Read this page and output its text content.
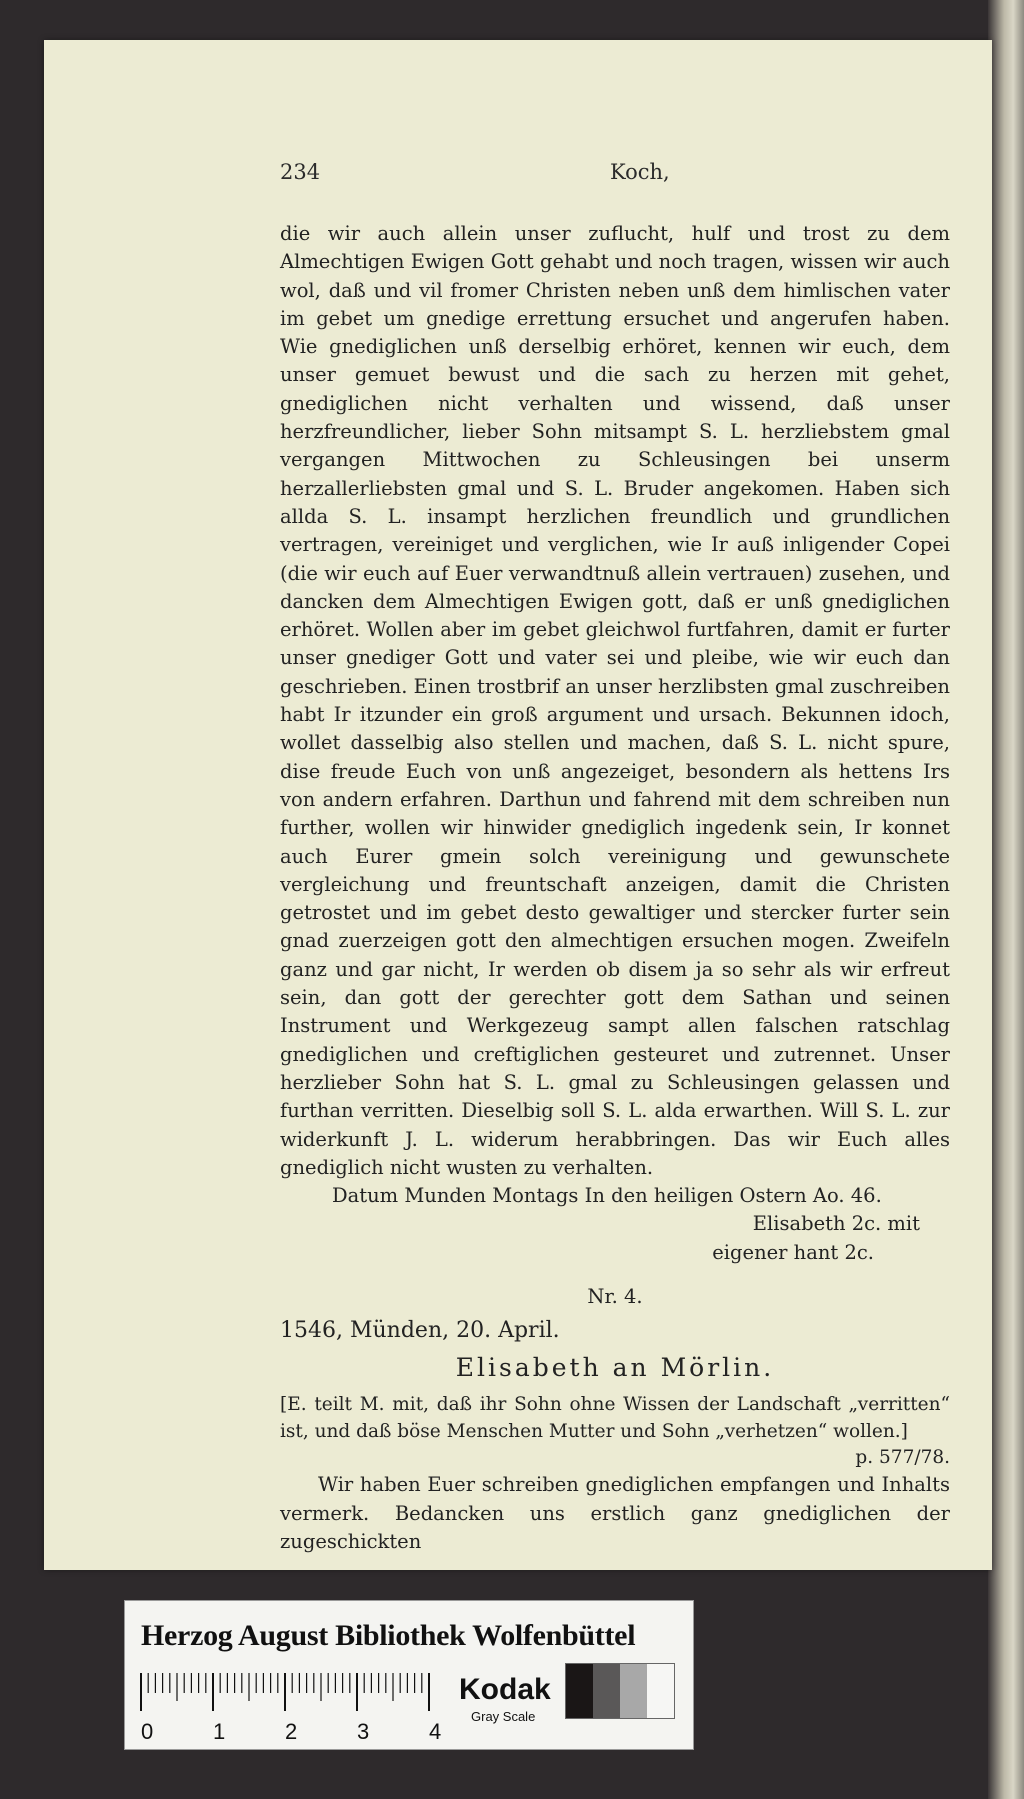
234	Koch,

die wir auch allein unser zuflucht, hulf und trost zu dem Almechtigen Ewigen Gott gehabt und noch tragen, wissen wir auch wol, daß und vil fromer Christen neben unß dem himlischen vater im gebet um gnedige errettung ersuchet und angerufen haben. Wie gnediglichen unß derselbig erhöret, kennen wir euch, dem unser gemuet bewust und die sach zu herzen mit gehet, gnediglichen nicht verhalten und wissend, daß unser herzfreundlicher, lieber Sohn mitsampt S. L. herzliebstem gmal vergangen Mittwochen zu Schleusingen bei unserm herzallerliebsten gmal und S. L. Bruder angekomen. Haben sich allda S. L. insampt herzlichen freundlich und grundlichen vertragen, vereiniget und verglichen, wie Ir auß inligender Copei (die wir euch auf Euer verwandtnuß allein vertrauen) zusehen, und dancken dem Almechtigen Ewigen gott, daß er unß gnediglichen erhöret. Wollen aber im gebet gleichwol furtfahren, damit er furter unser gnediger Gott und vater sei und pleibe, wie wir euch dan geschrieben. Einen trostbrif an unser herzlibsten gmal zuschreiben habt Ir itzunder ein groß argument und ursach. Bekunnen idoch, wollet dasselbig also stellen und machen, daß S. L. nicht spure, dise freude Euch von unß angezeiget, besondern als hettens Irs von andern erfahren. Darthun und fahrend mit dem schreiben nun further, wollen wir hinwider gnediglich ingedenk sein, Ir konnet auch Eurer gmein solch vereinigung und gewunschete vergleichung und freuntschaft anzeigen, damit die Christen getrostet und im gebet desto gewaltiger und stercker furter sein gnad zuerzeigen gott den almechtigen ersuchen mogen. Zweifeln ganz und gar nicht, Ir werden ob disem ja so sehr als wir erfreut sein, dan gott der gerechter gott dem Sathan und seinen Instrument und Werkgezeug sampt allen falschen ratschlag gnediglichen und creftiglichen gesteuret und zutrennet. Unser herzlieber Sohn hat S. L. gmal zu Schleusingen gelassen und furthan verritten. Dieselbig soll S. L. alda erwarthen. Will S. L. zur widerkunft J. L. widerum herabbringen. Das wir Euch alles gnediglich nicht wusten zu verhalten.

Datum Munden Montags In den heiligen Ostern Ao. 46.

Elisabeth 2c. mit

eigener hant 2c.

Nr. 4.

1546, Münden, 20. April.

Elisabeth an Mörlin.

[E. teilt M. mit, daß ihr Sohn ohne Wissen der Landschaft „verritten“ ist, und daß böse Menschen Mutter und Sohn „verhetzen“ wollen.]

p. 577/78.

Wir haben Euer schreiben gnediglichen empfangen und Inhalts vermerk. Bedancken uns erstlich ganz gnediglichen der zugeschickten

Herzog August Bibliothek Wolfenbüttel
0	1	2	3	4
Kodak
Gray Scale
